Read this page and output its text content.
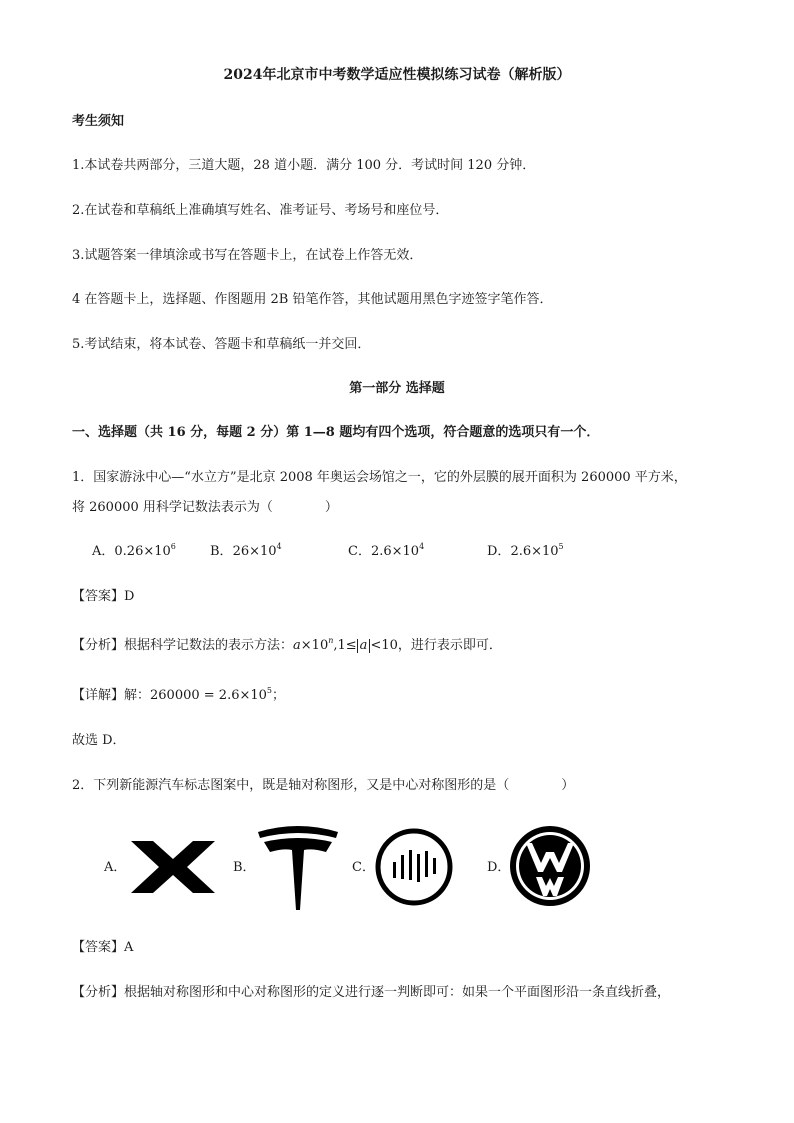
2024年北京市中考数学适应性模拟练习试卷（解析版）
考生须知
1.本试卷共两部分，三道大题，28 道小题．满分 100 分．考试时间 120 分钟．
2.在试卷和草稿纸上准确填写姓名、准考证号、考场号和座位号．
3.试题答案一律填涂或书写在答题卡上，在试卷上作答无效．
4 在答题卡上，选择题、作图题用 2B 铅笔作答，其他试题用黑色字迹签字笔作答．
5.考试结束，将本试卷、答题卡和草稿纸一并交回．
第一部分 选择题
一、选择题（共 16 分，每题 2 分）第 1—8 题均有四个选项，符合题意的选项只有一个．
1．国家游泳中心—“水立方”是北京 2008 年奥运会场馆之一，它的外层膜的展开面积为 260000 平方米，
将 260000 用科学记数法表示为（　　　　）
A．$0.26\times 10^6$	B．$26\times 10^4$	C．$2.6\times 10^4$	D．$2.6\times 10^5$
【答案】D
【分析】根据科学记数法的表示方法：$a\times 10^n,1\le a <10$，进行表示即可．
【详解】解：$260000 = 2.6\times 10^5$；
故选 D．
2．下列新能源汽车标志图案中，既是轴对称图形，又是中心对称图形的是（　　　　）
A．	B．	C．	D．
【答案】A
【分析】根据轴对称图形和中心对称图形的定义进行逐一判断即可：如果一个平面图形沿一条直线折叠，
